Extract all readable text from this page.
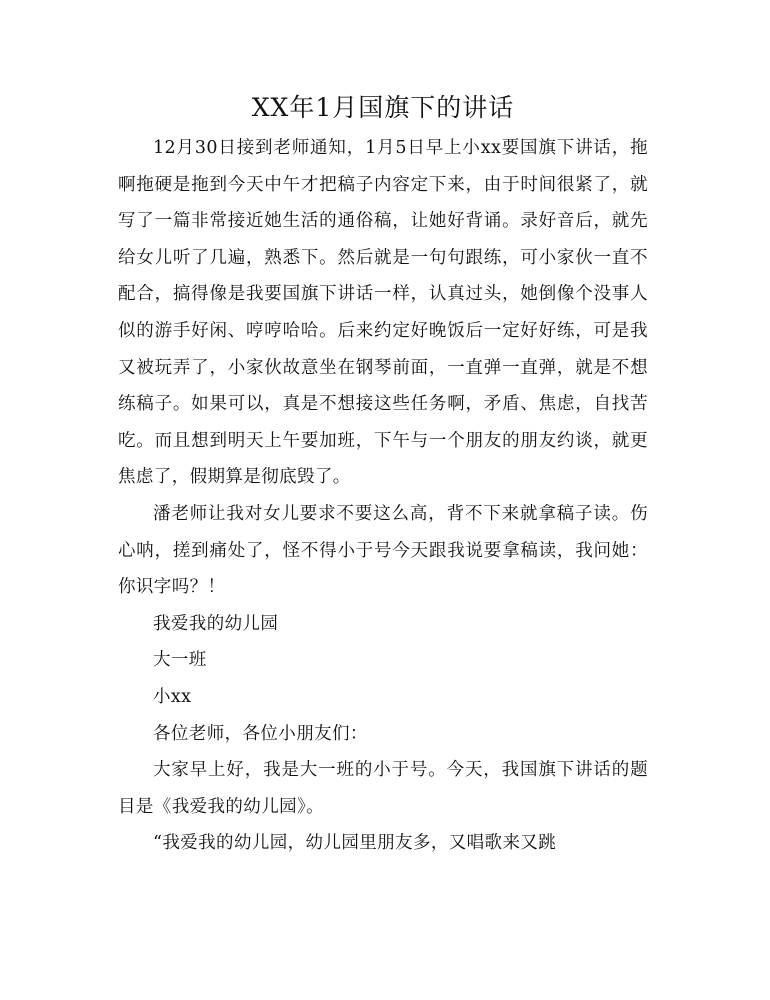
XX年1月国旗下的讲话

12月30日接到老师通知，1月5日早上小xx要国旗下讲话，拖啊拖硬是拖到今天中午才把稿子内容定下来，由于时间很紧了，就写了一篇非常接近她生活的通俗稿，让她好背诵。录好音后，就先给女儿听了几遍，熟悉下。然后就是一句句跟练，可小家伙一直不配合，搞得像是我要国旗下讲话一样，认真过头，她倒像个没事人似的游手好闲、哼哼哈哈。后来约定好晚饭后一定好好练，可是我又被玩弄了，小家伙故意坐在钢琴前面，一直弹一直弹，就是不想练稿子。如果可以，真是不想接这些任务啊，矛盾、焦虑，自找苦吃。而且想到明天上午要加班，下午与一个朋友的朋友约谈，就更焦虑了，假期算是彻底毁了。

潘老师让我对女儿要求不要这么高，背不下来就拿稿子读。伤心呐，搓到痛处了，怪不得小于号今天跟我说要拿稿读，我问她：你识字吗？！

我爱我的幼儿园

大一班

小xx

各位老师，各位小朋友们：

大家早上好，我是大一班的小于号。今天，我国旗下讲话的题目是《我爱我的幼儿园》。

“我爱我的幼儿园，幼儿园里朋友多，又唱歌来又跳
